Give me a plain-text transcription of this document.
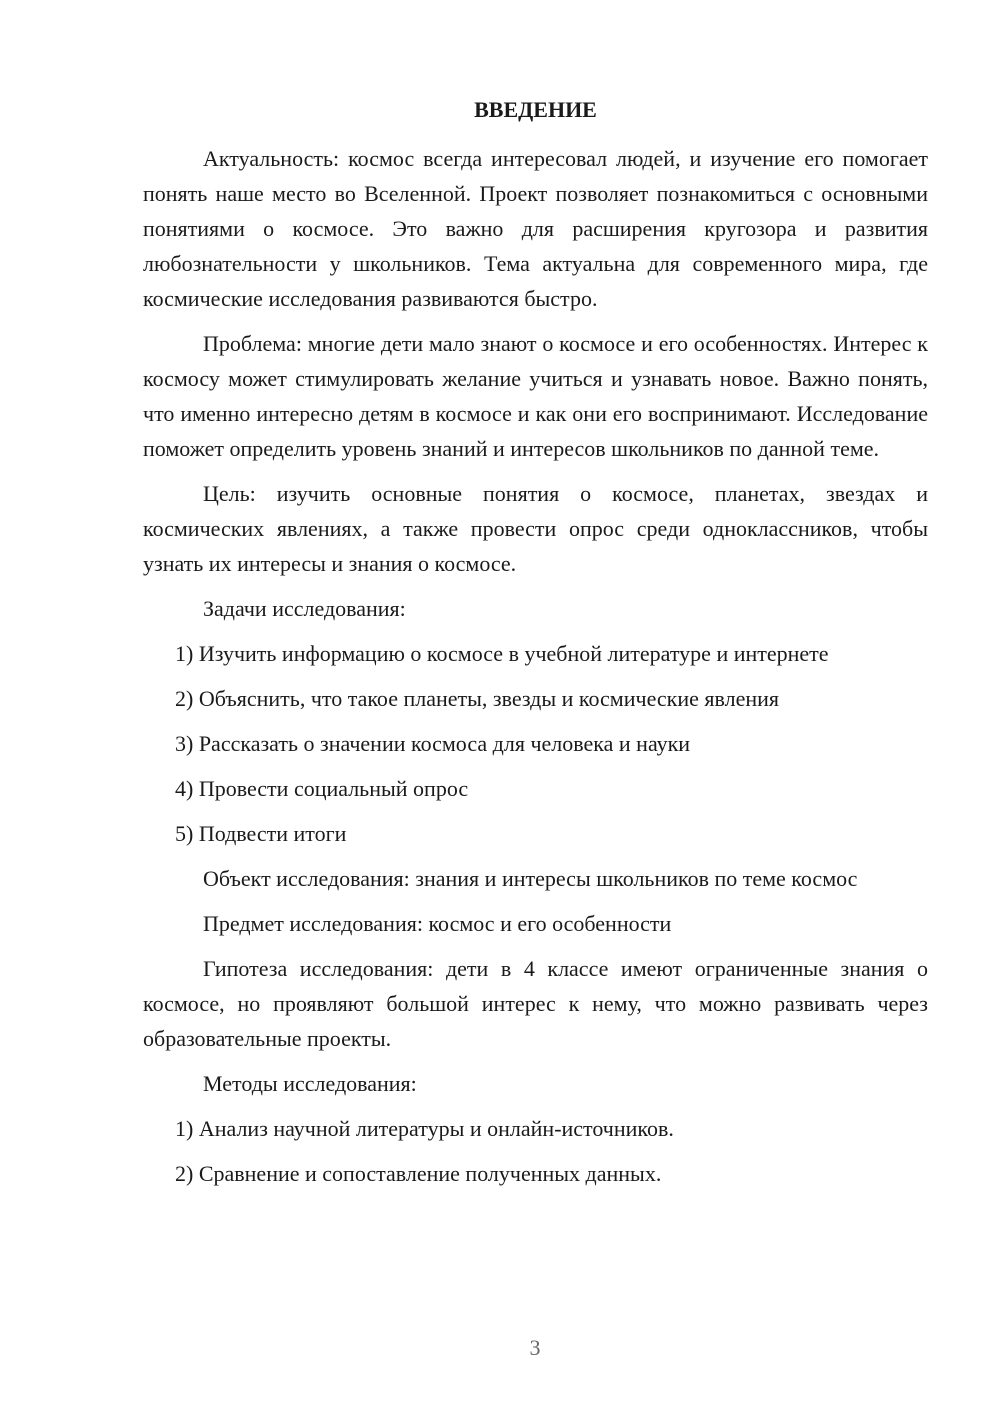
ВВЕДЕНИЕ

Актуальность: космос всегда интересовал людей, и изучение его помогает понять наше место во Вселенной. Проект позволяет познакомиться с основными понятиями о космосе. Это важно для расширения кругозора и развития любознательности у школьников. Тема актуальна для современного мира, где космические исследования развиваются быстро.

Проблема: многие дети мало знают о космосе и его особенностях. Интерес к космосу может стимулировать желание учиться и узнавать новое. Важно понять, что именно интересно детям в космосе и как они его воспринимают. Исследование поможет определить уровень знаний и интересов школьников по данной теме.

Цель: изучить основные понятия о космосе, планетах, звездах и космических явлениях, а также провести опрос среди одноклассников, чтобы узнать их интересы и знания о космосе.

Задачи исследования:

1) Изучить информацию о космосе в учебной литературе и интернете
2) Объяснить, что такое планеты, звезды и космические явления
3) Рассказать о значении космоса для человека и науки
4) Провести социальный опрос
5) Подвести итоги

Объект исследования: знания и интересы школьников по теме космос

Предмет исследования: космос и его особенности

Гипотеза исследования: дети в 4 классе имеют ограниченные знания о космосе, но проявляют большой интерес к нему, что можно развивать через образовательные проекты.

Методы исследования:

1) Анализ научной литературы и онлайн-источников.
2) Сравнение и сопоставление полученных данных.
3
